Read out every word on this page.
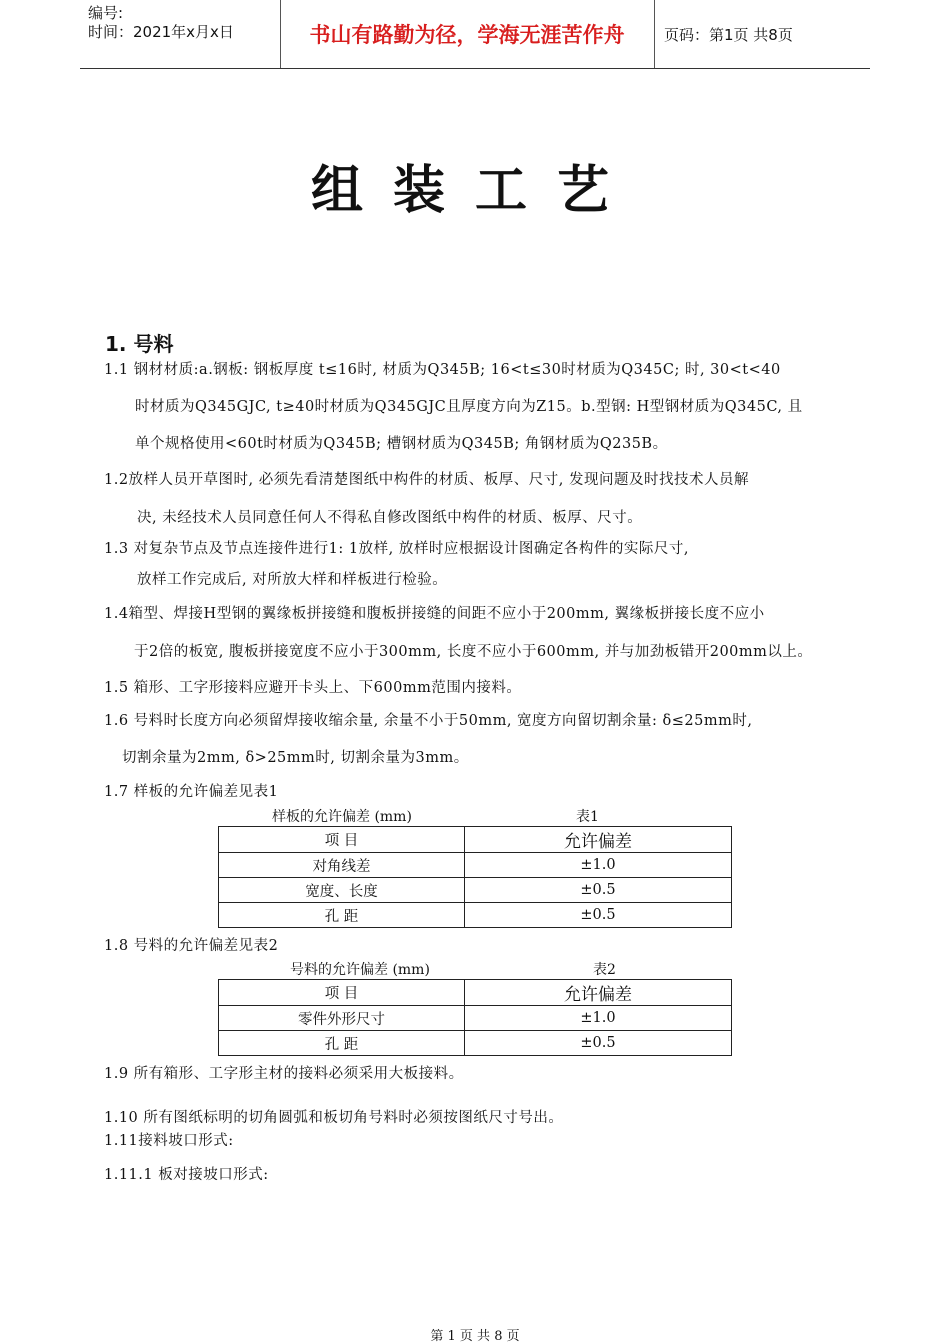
编号:
时间：2021年x月x日	书山有路勤为径，学海无涯苦作舟	页码：第1页 共8页
组装工艺
1. 号料
1.1 钢材材质:a.钢板: 钢板厚度 t≤16时, 材质为Q345B; 16<t≤30时材质为Q345C; 时, 30<t<40
时材质为Q345GJC, t≥40时材质为Q345GJC且厚度方向为Z15。b.型钢: H型钢材质为Q345C, 且
单个规格使用<60t时材质为Q345B; 槽钢材质为Q345B; 角钢材质为Q235B。
1.2放样人员开草图时, 必须先看清楚图纸中构件的材质、板厚、尺寸, 发现问题及时找技术人员解
决, 未经技术人员同意任何人不得私自修改图纸中构件的材质、板厚、尺寸。
1.3 对复杂节点及节点连接件进行1: 1放样, 放样时应根据设计图确定各构件的实际尺寸,
放样工作完成后, 对所放大样和样板进行检验。
1.4箱型、焊接H型钢的翼缘板拼接缝和腹板拼接缝的间距不应小于200mm, 翼缘板拼接长度不应小
于2倍的板宽, 腹板拼接宽度不应小于300mm, 长度不应小于600mm, 并与加劲板错开200mm以上。
1.5 箱形、工字形接料应避开卡头上、下600mm范围内接料。
1.6 号料时长度方向必须留焊接收缩余量, 余量不小于50mm, 宽度方向留切割余量: δ≤25mm时,
切割余量为2mm, δ>25mm时, 切割余量为3mm。
1.7 样板的允许偏差见表1
样板的允许偏差 (mm)	表1
项 目	允许偏差
对角线差	±1.0
宽度、长度	±0.5
孔 距	±0.5
1.8 号料的允许偏差见表2
号料的允许偏差 (mm)	表2
项 目	允许偏差
零件外形尺寸	±1.0
孔 距	±0.5
1.9 所有箱形、工字形主材的接料必须采用大板接料。
1.10 所有图纸标明的切角圆弧和板切角号料时必须按图纸尺寸号出。
1.11接料坡口形式:
1.11.1 板对接坡口形式:
第 1 页 共 8 页
